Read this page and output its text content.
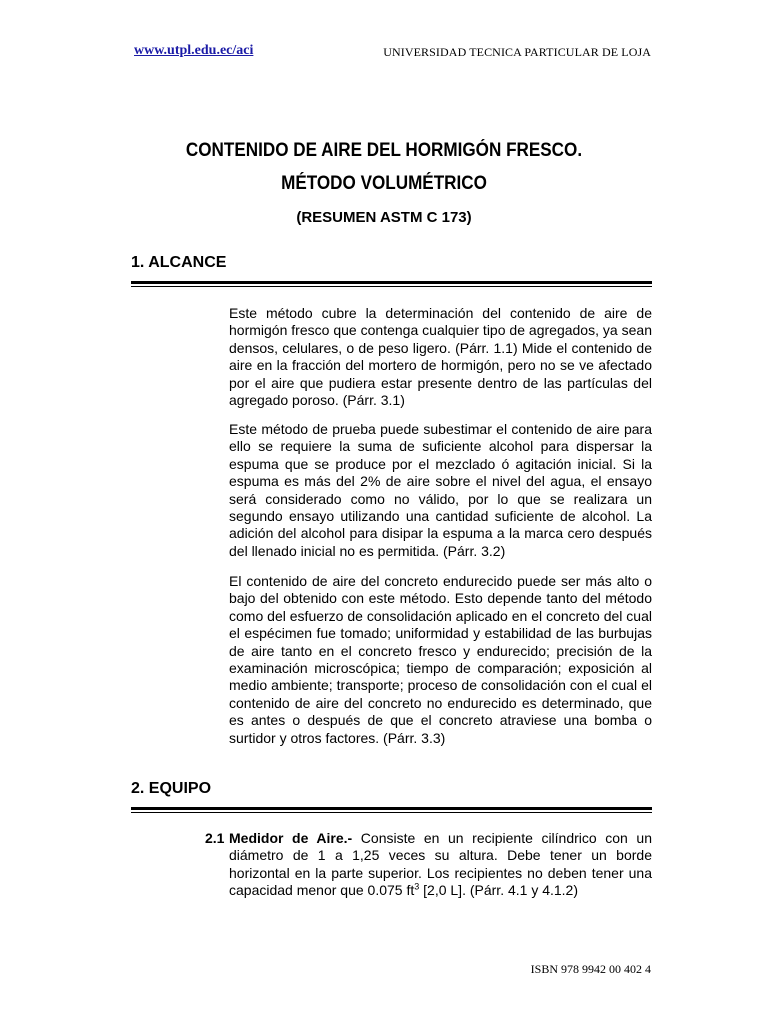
www.utpl.edu.ec/aci	UNIVERSIDAD TECNICA PARTICULAR DE LOJA
CONTENIDO DE AIRE DEL HORMIGÓN FRESCO.
MÉTODO VOLUMÉTRICO
(RESUMEN ASTM C 173)
1. ALCANCE

Este método cubre la determinación del contenido de aire de hormigón fresco que contenga cualquier tipo de agregados, ya sean densos, celulares, o de peso ligero. (Párr. 1.1) Mide el contenido de aire en la fracción del mortero de hormigón, pero no se ve afectado por el aire que pudiera estar presente dentro de las partículas del agregado poroso. (Párr. 3.1)

Este método de prueba puede subestimar el contenido de aire para ello se requiere la suma de suficiente alcohol para dispersar la espuma que se produce por el mezclado ó agitación inicial. Si la espuma es más del 2% de aire sobre el nivel del agua, el ensayo será considerado como no válido, por lo que se realizara un segundo ensayo utilizando una cantidad suficiente de alcohol. La adición del alcohol para disipar la espuma a la marca cero después del llenado inicial no es permitida. (Párr. 3.2)

El contenido de aire del concreto endurecido puede ser más alto o bajo del obtenido con este método. Esto depende tanto del método como del esfuerzo de consolidación aplicado en el concreto del cual el espécimen fue tomado; uniformidad y estabilidad de las burbujas de aire tanto en el concreto fresco y endurecido; precisión de la examinación microscópica; tiempo de comparación; exposición al medio ambiente; transporte; proceso de consolidación con el cual el contenido de aire del concreto no endurecido es determinado, que es antes o después de que el concreto atraviese una bomba o surtidor y otros factores. (Párr. 3.3)

2. EQUIPO
2.1 Medidor de Aire.- Consiste en un recipiente cilíndrico con un diámetro de 1 a 1,25 veces su altura. Debe tener un borde horizontal en la parte superior. Los recipientes no deben tener una capacidad menor que 0.075 $ft^3$ [2,0 L]. (Párr. 4.1 y 4.1.2)

ISBN 978 9942 00 402 4
